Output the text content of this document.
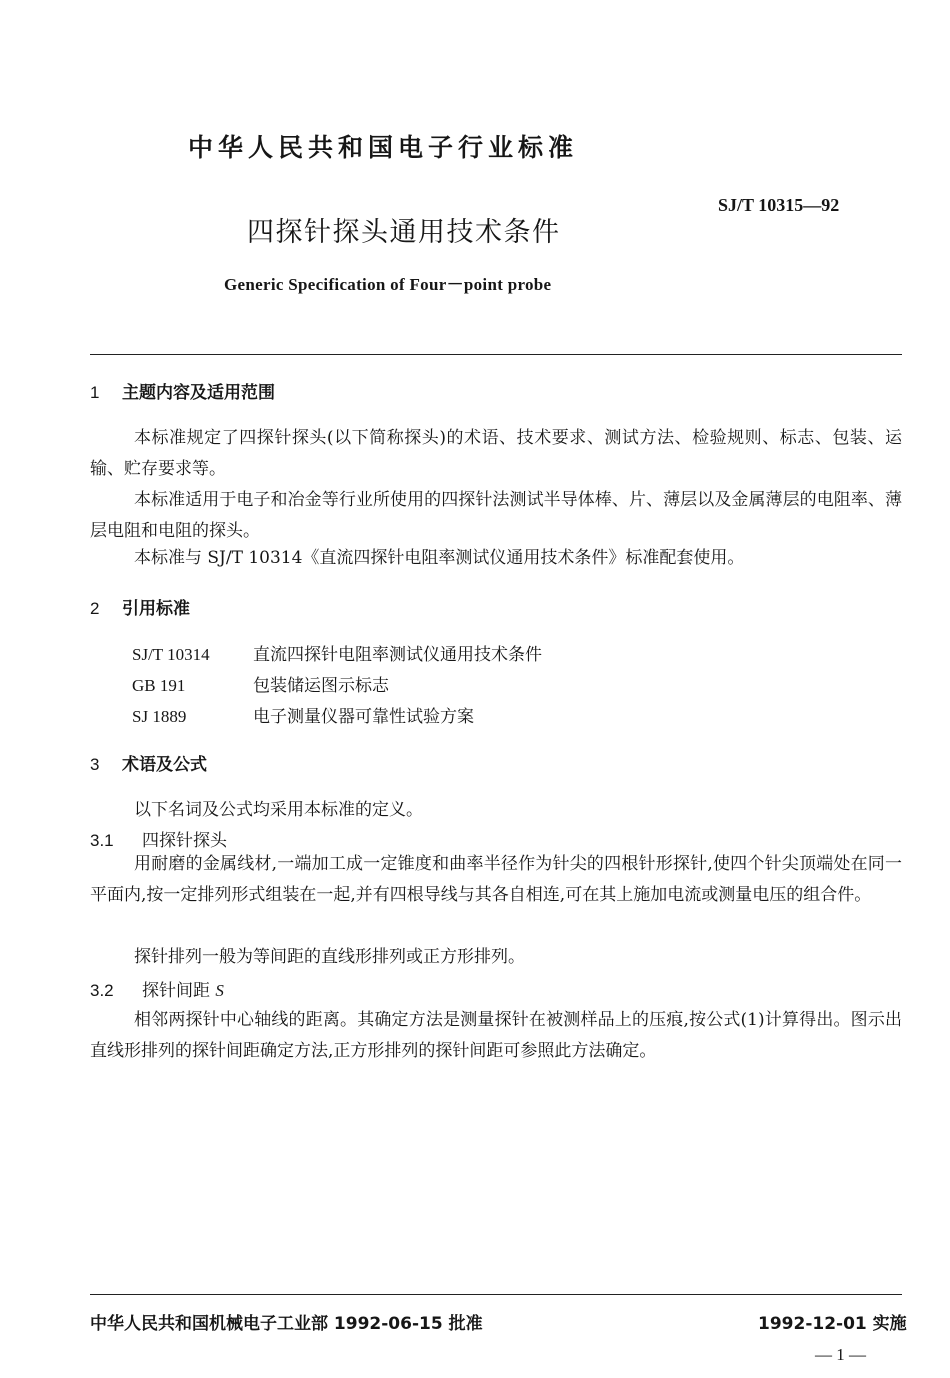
中华人民共和国电子行业标准
SJ/T 10315—92
四探针探头通用技术条件
Generic Specification of Four－point probe
1 主题内容及适用范围
本标准规定了四探针探头(以下简称探头)的术语、技术要求、测试方法、检验规则、标志、包装、运输、贮存要求等。
本标准适用于电子和冶金等行业所使用的四探针法测试半导体棒、片、薄层以及金属薄层的电阻率、薄层电阻和电阻的探头。
本标准与 SJ/T 10314《直流四探针电阻率测试仪通用技术条件》标准配套使用。
2 引用标准
SJ/T 10314	直流四探针电阻率测试仪通用技术条件
GB 191	包装储运图示标志
SJ 1889	电子测量仪器可靠性试验方案
3 术语及公式
以下名词及公式均采用本标准的定义。
3.1 四探针探头
用耐磨的金属线材,一端加工成一定锥度和曲率半径作为针尖的四根针形探针,使四个针尖顶端处在同一平面内,按一定排列形式组装在一起,并有四根导线与其各自相连,可在其上施加电流或测量电压的组合件。
探针排列一般为等间距的直线形排列或正方形排列。
3.2 探针间距 S
相邻两探针中心轴线的距离。其确定方法是测量探针在被测样品上的压痕,按公式(1)计算得出。图示出直线形排列的探针间距确定方法,正方形排列的探针间距可参照此方法确定。
中华人民共和国机械电子工业部 1992-06-15 批准	1992-12-01 实施
— 1 —
